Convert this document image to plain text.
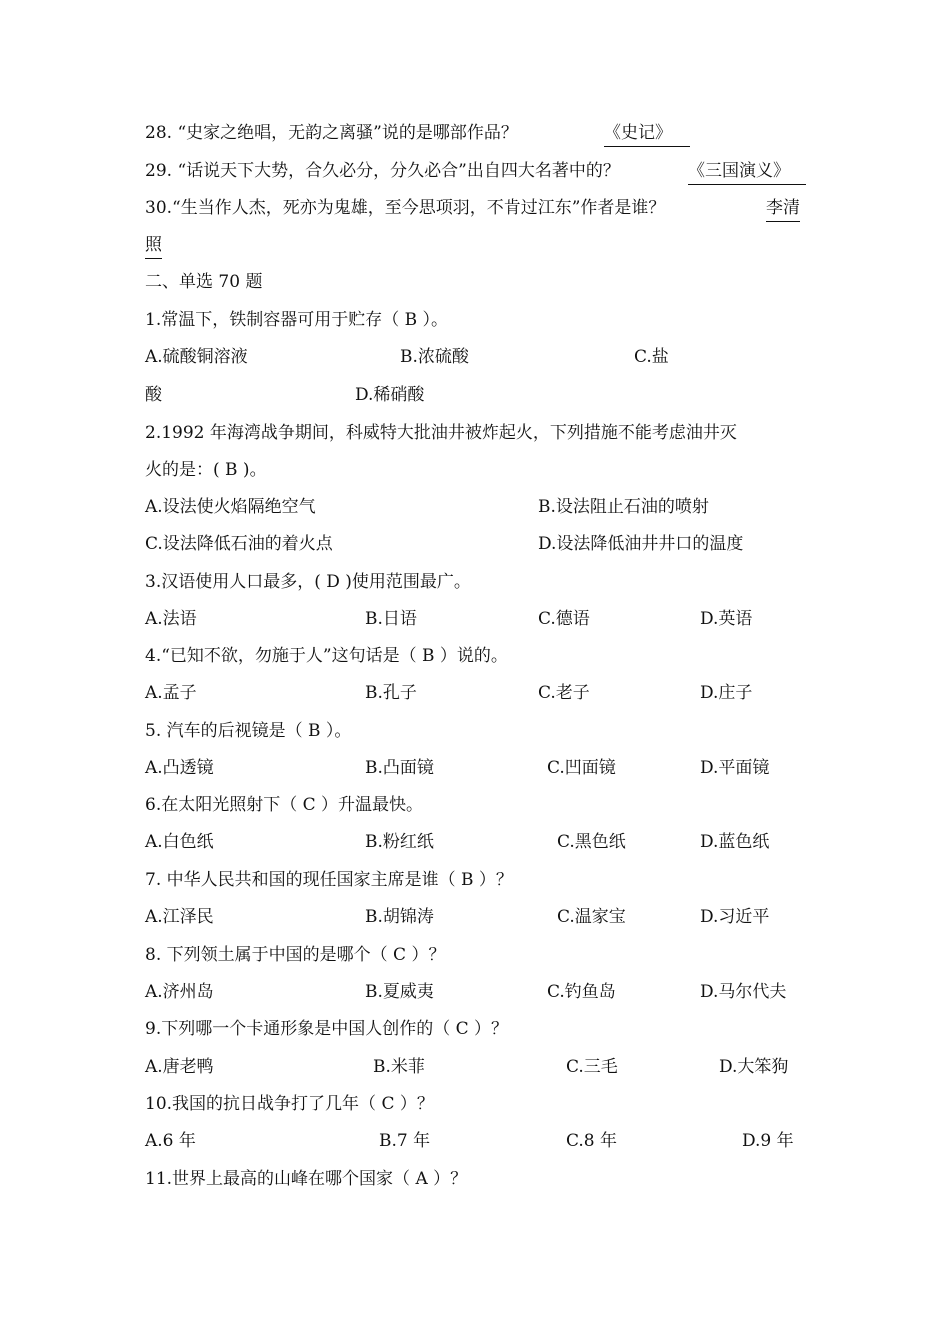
28. “史家之绝唱，无韵之离骚”说的是哪部作品？	《史记》
29. “话说天下大势，合久必分，分久必合”出自四大名著中的？	《三国演义》
30.“生当作人杰，死亦为鬼雄，至今思项羽，不肯过江东”作者是谁？	李清
照
二、单选 70 题
1.常温下，铁制容器可用于贮存（ B ）。
A.硫酸铜溶液	B.浓硫酸	C.盐
酸	D.稀硝酸
2.1992 年海湾战争期间，科威特大批油井被炸起火，下列措施不能考虑油井灭
火的是：( B )。
A.设法使火焰隔绝空气	B.设法阻止石油的喷射
C.设法降低石油的着火点	D.设法降低油井井口的温度
3.汉语使用人口最多，( D )使用范围最广。
A.法语	B.日语	C.德语	D.英语
4.“已知不欲，勿施于人”这句话是（ B ）说的。
A.孟子	B.孔子	C.老子	D.庄子
5. 汽车的后视镜是（ B ）。
A.凸透镜	B.凸面镜	C.凹面镜	D.平面镜
6.在太阳光照射下（ C ）升温最快。
A.白色纸	B.粉红纸	C.黑色纸	D.蓝色纸
7. 中华人民共和国的现任国家主席是谁（ B ）？
A.江泽民	B.胡锦涛	C.温家宝	D.习近平
8. 下列领土属于中国的是哪个（ C ）？
A.济州岛	B.夏威夷	C.钓鱼岛	D.马尔代夫
9.下列哪一个卡通形象是中国人创作的（ C ）？
A.唐老鸭	B.米菲	C.三毛	D.大笨狗
10.我国的抗日战争打了几年（ C ）？
A.6 年	B.7 年	C.8 年	D.9 年
11.世界上最高的山峰在哪个国家（ A ）？
